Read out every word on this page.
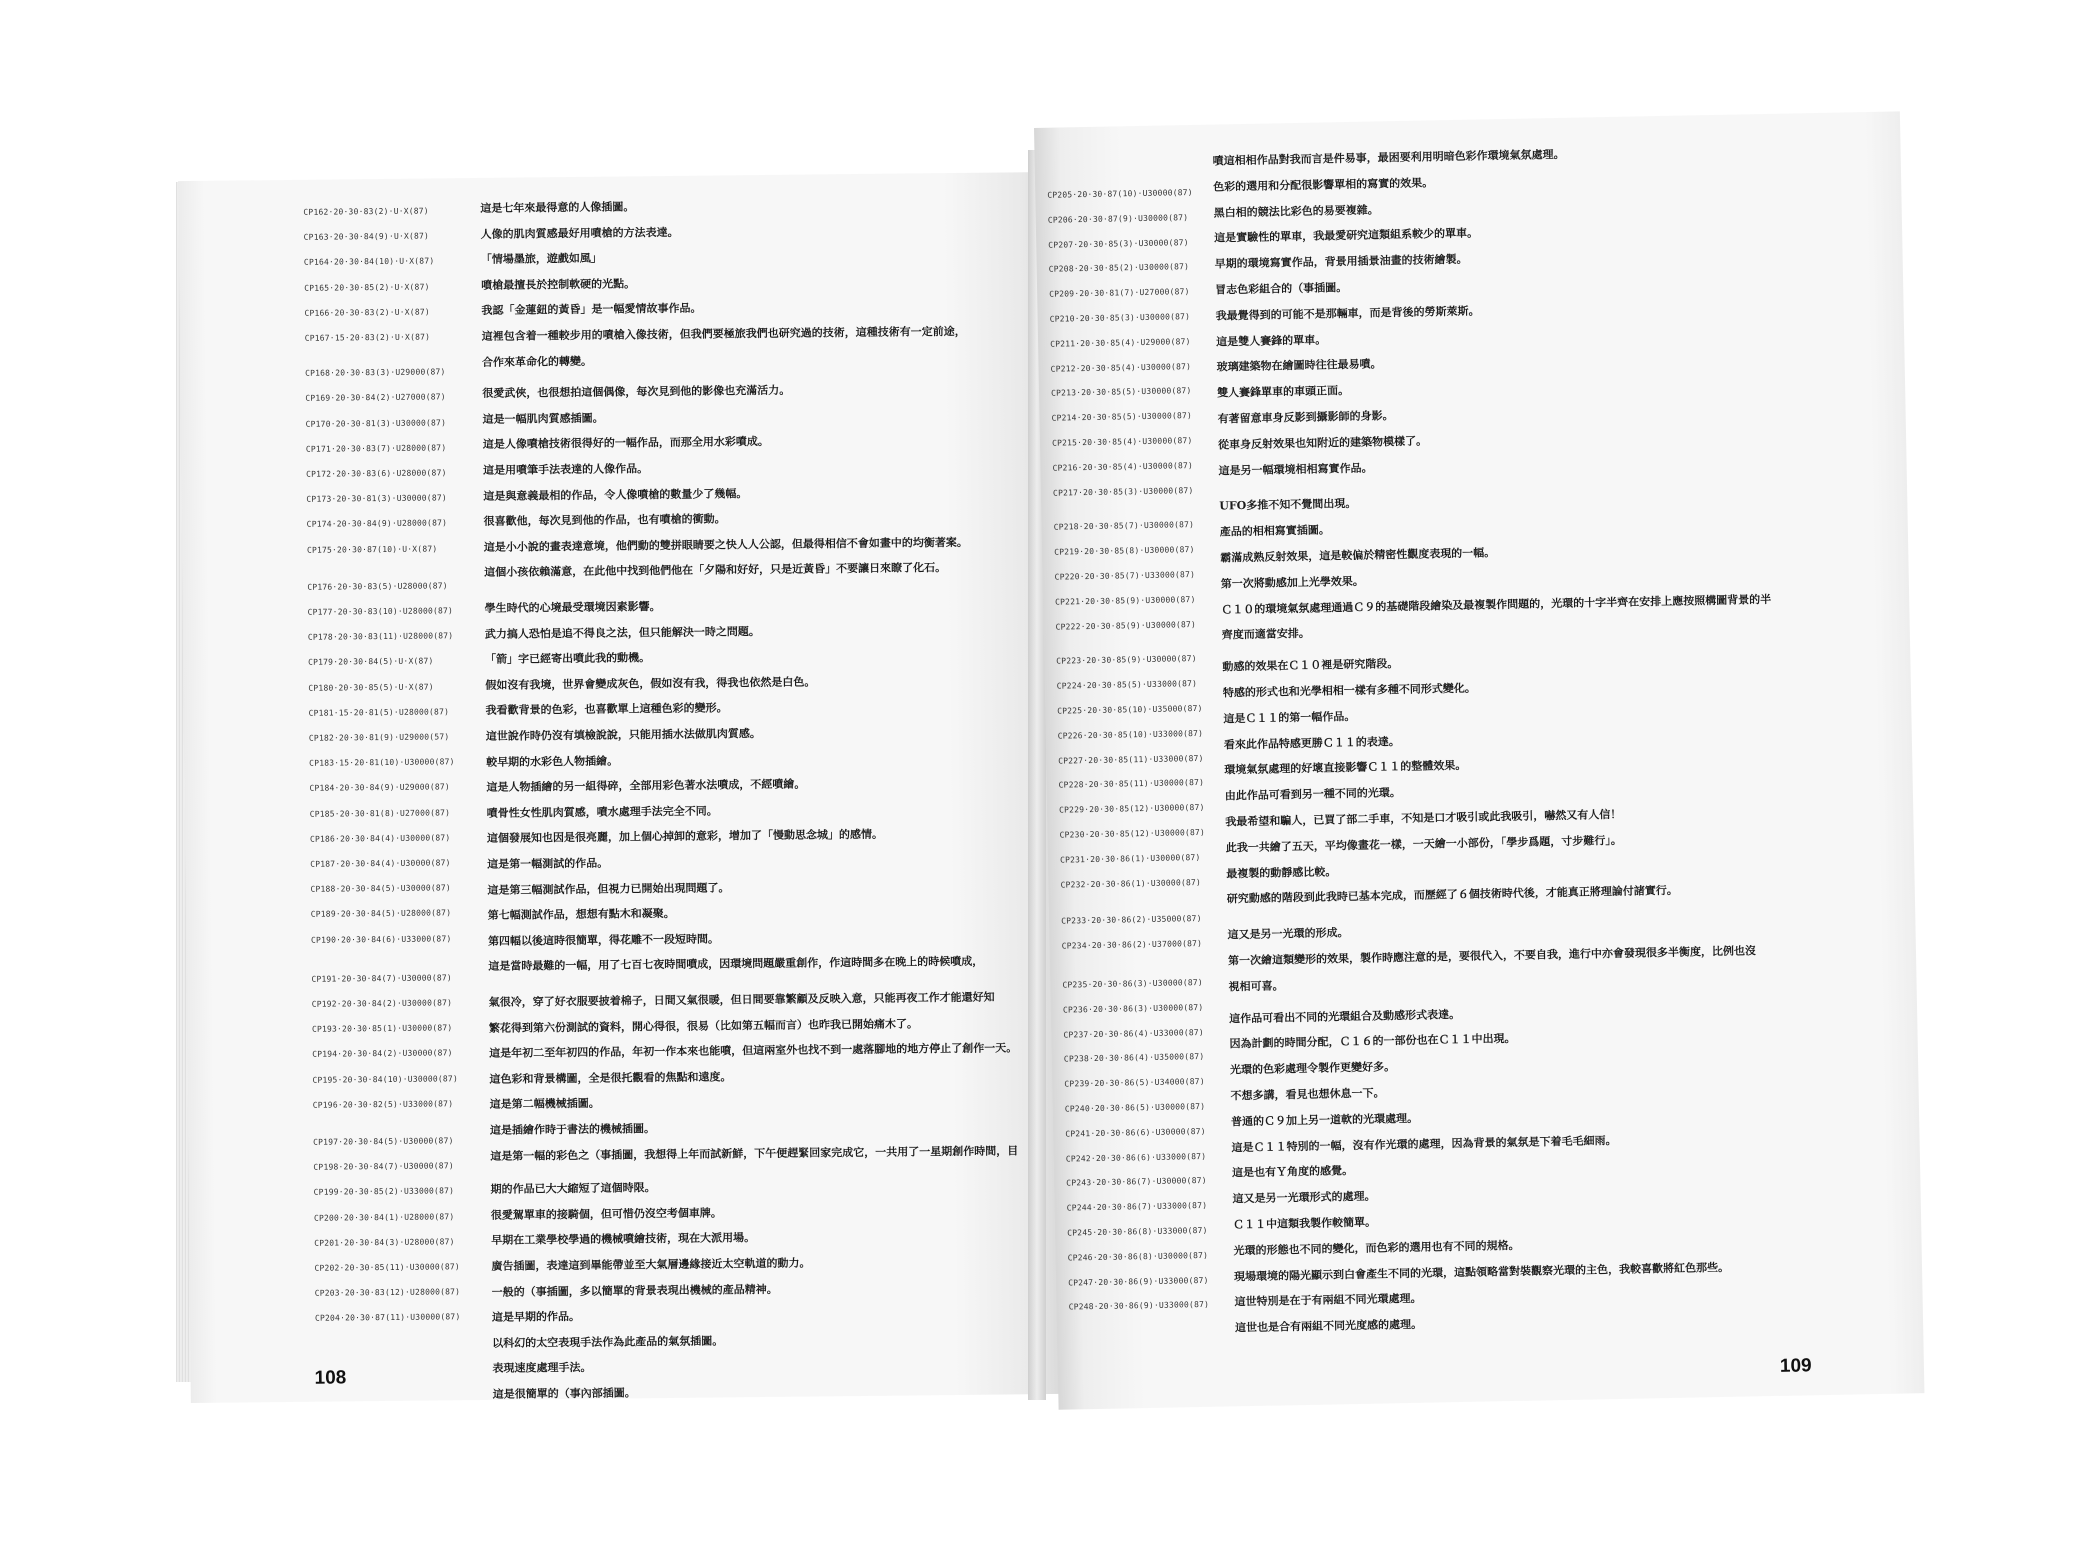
CP162·20·30·83(2)·U·X(87)
CP163·20·30·84(9)·U·X(87)
CP164·20·30·84(10)·U·X(87)
CP165·20·30·85(2)·U·X(87)
CP166·20·30·83(2)·U·X(87)
CP167·15·20·83(2)·U·X(87)
CP168·20·30·83(3)·U29000(87)
CP169·20·30·84(2)·U27000(87)
CP170·20·30·81(3)·U30000(87)
CP171·20·30·83(7)·U28000(87)
CP172·20·30·83(6)·U28000(87)
CP173·20·30·81(3)·U30000(87)
CP174·20·30·84(9)·U28000(87)
CP175·20·30·87(10)·U·X(87)
CP176·20·30·83(5)·U28000(87)
CP177·20·30·83(10)·U28000(87)
CP178·20·30·83(11)·U28000(87)
CP179·20·30·84(5)·U·X(87)
CP180·20·30·85(5)·U·X(87)
CP181·15·20·81(5)·U28000(87)
CP182·20·30·81(9)·U29000(57)
CP183·15·20·81(10)·U30000(87)
CP184·20·30·84(9)·U29000(87)
CP185·20·30·81(8)·U27000(87)
CP186·20·30·84(4)·U30000(87)
CP187·20·30·84(4)·U30000(87)
CP188·20·30·84(5)·U30000(87)
CP189·20·30·84(5)·U28000(87)
CP190·20·30·84(6)·U33000(87)
CP191·20·30·84(7)·U30000(87)
CP192·20·30·84(2)·U30000(87)
CP193·20·30·85(1)·U30000(87)
CP194·20·30·84(2)·U30000(87)
CP195·20·30·84(10)·U30000(87)
CP196·20·30·82(5)·U33000(87)
CP197·20·30·84(5)·U30000(87)
CP198·20·30·84(7)·U30000(87)
CP199·20·30·85(2)·U33000(87)
CP200·20·30·84(1)·U28000(87)
CP201·20·30·84(3)·U28000(87)
CP202·20·30·85(11)·U30000(87)
CP203·20·30·83(12)·U28000(87)
CP204·20·30·87(11)·U30000(87)
這是七年來最得意的人像插圖。
人像的肌肉質感最好用噴槍的方法表達。
「情場墨旅，遊戲如風」
噴槍最擅長於控制軟硬的光點。
我認「金蓮鈕的黃昏」是一幅愛情故事作品。
這裡包含着一種較步用的噴槍入像技術，但我們要極旅我們也研究過的技術，這種技術有一定前途，
合作來革命化的轉變。
很愛武俠，也很想拍這個偶像，每次見到他的影像也充滿活力。
這是一幅肌肉質感插圖。
這是人像噴槍技術很得好的一幅作品，而那全用水彩噴成。
這是用噴筆手法表達的人像作品。
這是與意義最相的作品，令人像噴槍的數量少了幾幅。
很喜歡他，每次見到他的作品，也有噴槍的衝動。
這是小小說的畫表達意境，他們動的雙拼眼睛要之快人人公認，但最得相信不會如畫中的均衡著案。
這個小孩依賴滿意，在此他中找到他們他在「夕陽和好好，只是近黃昏」不要讓日來瞭了化石。
學生時代的心境最受環境因素影響。
武力搞人恐怕是追不得良之法，但只能解決一時之問題。
「箭」字已經寄出噴此我的動機。
假如沒有我境，世界會變成灰色，假如沒有我，得我也依然是白色。
我看歡背景的色彩，也喜歡單上這種色彩的變形。
這世說作時仍沒有填檢說說，只能用插水法做肌肉質感。
較早期的水彩色人物插繪。
這是人物插繪的另一組得碎，全部用彩色著水法噴成，不經噴繪。
噴骨性女性肌肉質感，噴水處理手法完全不同。
這個發展知也因是很亮麗，加上個心掉卸的意彩，增加了「慢動思念城」的感情。
這是第一幅測試的作品。
這是第三幅測試作品，但視力已開始出現問題了。
第七幅測試作品，想想有點木和凝聚。
第四幅以後這時很簡單，得花雕不一段短時間。
這是當時最難的一幅，用了七百七夜時間噴成，因環境問題嚴重創作，作這時間多在晚上的時候噴成，
氣很冷，穿了好衣服要披着棉子，日間又氣很暖，但日間要靠繁顧及反映入意，只能再夜工作才能還好知
繁花得到第六份測試的資料，開心得很，很易（比如第五幅而言）也昨我已開始痛木了。
這是年初二至年初四的作品，年初一作本來也能噴，但這兩室外也找不到一處落腳地的地方停止了創作一天。
這色彩和背景構圖，全是很托觀看的焦點和遠度。
這是第二幅機械插圖。
這是插繪作時于書法的機械插圖。
這是第一幅的彩色之（事插圖，我想得上年而試新鮮，下午便趕緊回家完成它，一共用了一星期創作時間，目
期的作品已大大縮短了這個時限。
很愛駕單車的接騎個，但可惜仍沒空考個車牌。
早期在工業學校學過的機械噴繪技術，現在大派用場。
廣告插圖，表達這到畢能帶並至大氣層邊緣接近太空軌道的動力。
一般的（事插圖，多以簡單的背景表現出機械的產品精神。
這是早期的作品。
以科幻的太空表現手法作為此產品的氣氛插圖。
表現速度處理手法。
這是很簡單的（事內部插圖。
108
CP205·20·30·87(10)·U30000(87)
CP206·20·30·87(9)·U30000(87)
CP207·20·30·85(3)·U30000(87)
CP208·20·30·85(2)·U30000(87)
CP209·20·30·81(7)·U27000(87)
CP210·20·30·85(3)·U30000(87)
CP211·20·30·85(4)·U29000(87)
CP212·20·30·85(4)·U30000(87)
CP213·20·30·85(5)·U30000(87)
CP214·20·30·85(5)·U30000(87)
CP215·20·30·85(4)·U30000(87)
CP216·20·30·85(4)·U30000(87)
CP217·20·30·85(3)·U30000(87)
CP218·20·30·85(7)·U30000(87)
CP219·20·30·85(8)·U30000(87)
CP220·20·30·85(7)·U33000(87)
CP221·20·30·85(9)·U30000(87)
CP222·20·30·85(9)·U30000(87)
CP223·20·30·85(9)·U30000(87)
CP224·20·30·85(5)·U33000(87)
CP225·20·30·85(10)·U35000(87)
CP226·20·30·85(10)·U33000(87)
CP227·20·30·85(11)·U33000(87)
CP228·20·30·85(11)·U30000(87)
CP229·20·30·85(12)·U30000(87)
CP230·20·30·85(12)·U30000(87)
CP231·20·30·86(1)·U30000(87)
CP232·20·30·86(1)·U30000(87)
CP233·20·30·86(2)·U35000(87)
CP234·20·30·86(2)·U37000(87)
CP235·20·30·86(3)·U30000(87)
CP236·20·30·86(3)·U30000(87)
CP237·20·30·86(4)·U33000(87)
CP238·20·30·86(4)·U35000(87)
CP239·20·30·86(5)·U34000(87)
CP240·20·30·86(5)·U30000(87)
CP241·20·30·86(6)·U30000(87)
CP242·20·30·86(6)·U33000(87)
CP243·20·30·86(7)·U30000(87)
CP244·20·30·86(7)·U33000(87)
CP245·20·30·86(8)·U33000(87)
CP246·20·30·86(8)·U30000(87)
CP247·20·30·86(9)·U33000(87)
CP248·20·30·86(9)·U33000(87)
噴這相相作品對我而言是件易事，最困要利用明暗色彩作環境氣氛處理。
色彩的選用和分配很影響單相的寫實的效果。
黑白相的競法比彩色的易要複雜。
這是實驗性的單車，我最愛研究這類組系較少的單車。
早期的環境寫實作品，背景用插景油畫的技術繪製。
冒志色彩組合的（事插圖。
我最覺得到的可能不是那輛車，而是背後的勞斯萊斯。
這是雙人賽鋒的單車。
玻璃建築物在繪圖時往往最易噴。
雙人賽鋒單車的車頭正面。
有著留意車身反影到攝影師的身影。
從車身反射效果也知附近的建築物模樣了。
這是另一幅環境相相寫實作品。
UFO多推不知不覺間出現。
產品的相相寫實插圖。
霸滿成熟反射效果，這是較偏於精密性觀度表現的一幅。
第一次將動感加上光學效果。
Ｃ１０的環境氣氛處理通過Ｃ９的基礎階段繪染及最複製作問題的，光環的十字半齊在安排上應按照構圖背景的半
齊度而適當安排。
動感的效果在Ｃ１０裡是研究階段。
特感的形式也和光學相相一樣有多種不同形式變化。
這是Ｃ１１的第一幅作品。
看來此作品特感更勝Ｃ１１的表達。
環境氣氛處理的好壞直接影響Ｃ１１的整體效果。
由此作品可看到另一種不同的光環。
我最希望和騙人，已買了部二手車，不知是口才吸引或此我吸引，嚇然又有人信！
此我一共繪了五天，平均像畫花一樣，一天繪一小部份，「學步爲題，寸步難行」。
最複製的動靜感比較。
研究動感的階段到此我時已基本完成，而歷經了６個技術時代後，才能真正將理論付諸實行。
這又是另一光環的形成。
第一次繪這類變形的效果，製作時應注意的是，要很代入，不要自我，進行中亦會發現很多半衡度，比例也沒
視相可喜。
這作品可看出不同的光環組合及動感形式表達。
因為計劃的時間分配，Ｃ１６的一部份也在Ｃ１１中出現。
光環的色彩處理令製作更變好多。
不想多講，看見也想休息一下。
普通的Ｃ９加上另一道軟的光環處理。
這是Ｃ１１特別的一幅，沒有作光環的處理，因為背景的氣氛是下着毛毛細雨。
這是也有Ｙ角度的感覺。
這又是另一光環形式的處理。
Ｃ１１中這類我製作較簡單。
光環的形態也不同的變化，而色彩的選用也有不同的規格。
現場環境的陽光顯示到白會產生不同的光環，這點領略當對裝觀察光環的主色，我較喜歡將紅色那些。
這世特別是在于有兩組不同光環處理。
這世也是合有兩組不同光度感的處理。
109
